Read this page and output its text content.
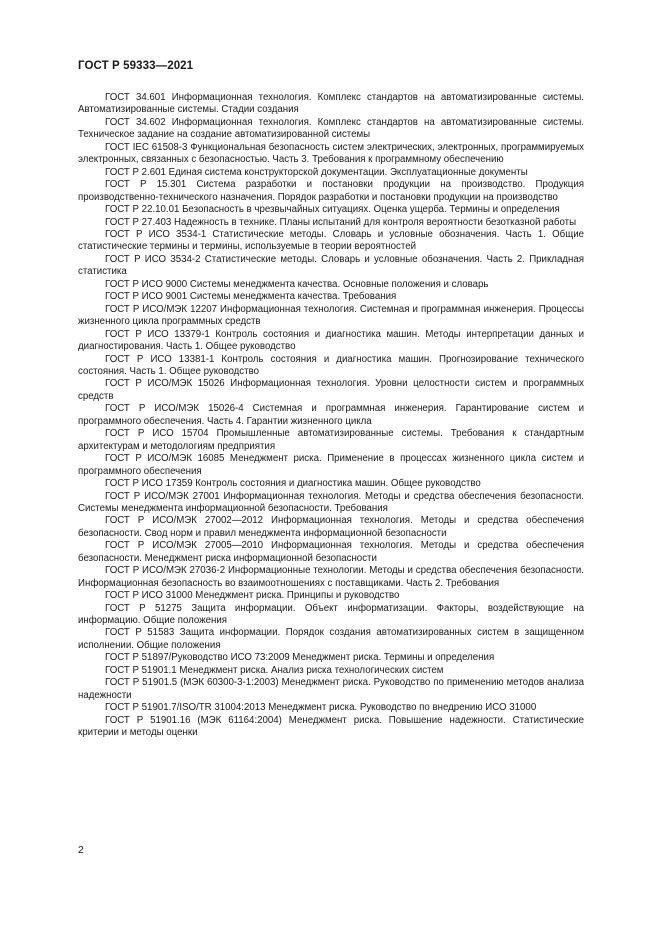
ГОСТ Р 59333—2021

ГОСТ 34.601 Информационная технология. Комплекс стандартов на автоматизированные системы. Автоматизированные системы. Стадии создания

ГОСТ 34.602 Информационная технология. Комплекс стандартов на автоматизированные системы. Техническое задание на создание автоматизированной системы

ГОСТ IEC 61508-3 Функциональная безопасность систем электрических, электронных, программируемых электронных, связанных с безопасностью. Часть 3. Требования к программному обеспечению

ГОСТ Р 2.601 Единая система конструкторской документации. Эксплуатационные документы

ГОСТ Р 15.301 Система разработки и постановки продукции на производство. Продукция производственно-технического назначения. Порядок разработки и постановки продукции на производство

ГОСТ Р 22.10.01 Безопасность в чрезвычайных ситуациях. Оценка ущерба. Термины и определения

ГОСТ Р 27.403 Надежность в технике. Планы испытаний для контроля вероятности безотказной работы

ГОСТ Р ИСО 3534-1 Статистические методы. Словарь и условные обозначения. Часть 1. Общие статистические термины и термины, используемые в теории вероятностей

ГОСТ Р ИСО 3534-2 Статистические методы. Словарь и условные обозначения. Часть 2. Прикладная статистика

ГОСТ Р ИСО 9000 Системы менеджмента качества. Основные положения и словарь

ГОСТ Р ИСО 9001 Системы менеджмента качества. Требования

ГОСТ Р ИСО/МЭК 12207 Информационная технология. Системная и программная инженерия. Процессы жизненного цикла программных средств

ГОСТ Р ИСО 13379-1 Контроль состояния и диагностика машин. Методы интерпретации данных и диагностирования. Часть 1. Общее руководство

ГОСТ Р ИСО 13381-1 Контроль состояния и диагностика машин. Прогнозирование технического состояния. Часть 1. Общее руководство

ГОСТ Р ИСО/МЭК 15026 Информационная технология. Уровни целостности систем и программных средств

ГОСТ Р ИСО/МЭК 15026-4 Системная и программная инженерия. Гарантирование систем и программного обеспечения. Часть 4. Гарантии жизненного цикла

ГОСТ Р ИСО 15704 Промышленные автоматизированные системы. Требования к стандартным архитектурам и методологиям предприятия

ГОСТ Р ИСО/МЭК 16085 Менеджмент риска. Применение в процессах жизненного цикла систем и программного обеспечения

ГОСТ Р ИСО 17359 Контроль состояния и диагностика машин. Общее руководство

ГОСТ Р ИСО/МЭК 27001 Информационная технология. Методы и средства обеспечения безопасности. Системы менеджмента информационной безопасности. Требования

ГОСТ Р ИСО/МЭК 27002—2012 Информационная технология. Методы и средства обеспечения безопасности. Свод норм и правил менеджмента информационной безопасности

ГОСТ Р ИСО/МЭК 27005—2010 Информационная технология. Методы и средства обеспечения безопасности. Менеджмент риска информационной безопасности

ГОСТ Р ИСО/МЭК 27036-2 Информационные технологии. Методы и средства обеспечения безопасности. Информационная безопасность во взаимоотношениях с поставщиками. Часть 2. Требования

ГОСТ Р ИСО 31000 Менеджмент риска. Принципы и руководство

ГОСТ Р 51275 Защита информации. Объект информатизации. Факторы, воздействующие на информацию. Общие положения

ГОСТ Р 51583 Защита информации. Порядок создания автоматизированных систем в защищенном исполнении. Общие положения

ГОСТ Р 51897/Руководство ИСО 73:2009 Менеджмент риска. Термины и определения

ГОСТ Р 51901.1 Менеджмент риска. Анализ риска технологических систем

ГОСТ Р 51901.5 (МЭК 60300-3-1:2003) Менеджмент риска. Руководство по применению методов анализа надежности

ГОСТ Р 51901.7/ISO/TR 31004:2013 Менеджмент риска. Руководство по внедрению ИСО 31000

ГОСТ Р 51901.16 (МЭК 61164:2004) Менеджмент риска. Повышение надежности. Статистические критерии и методы оценки

2
